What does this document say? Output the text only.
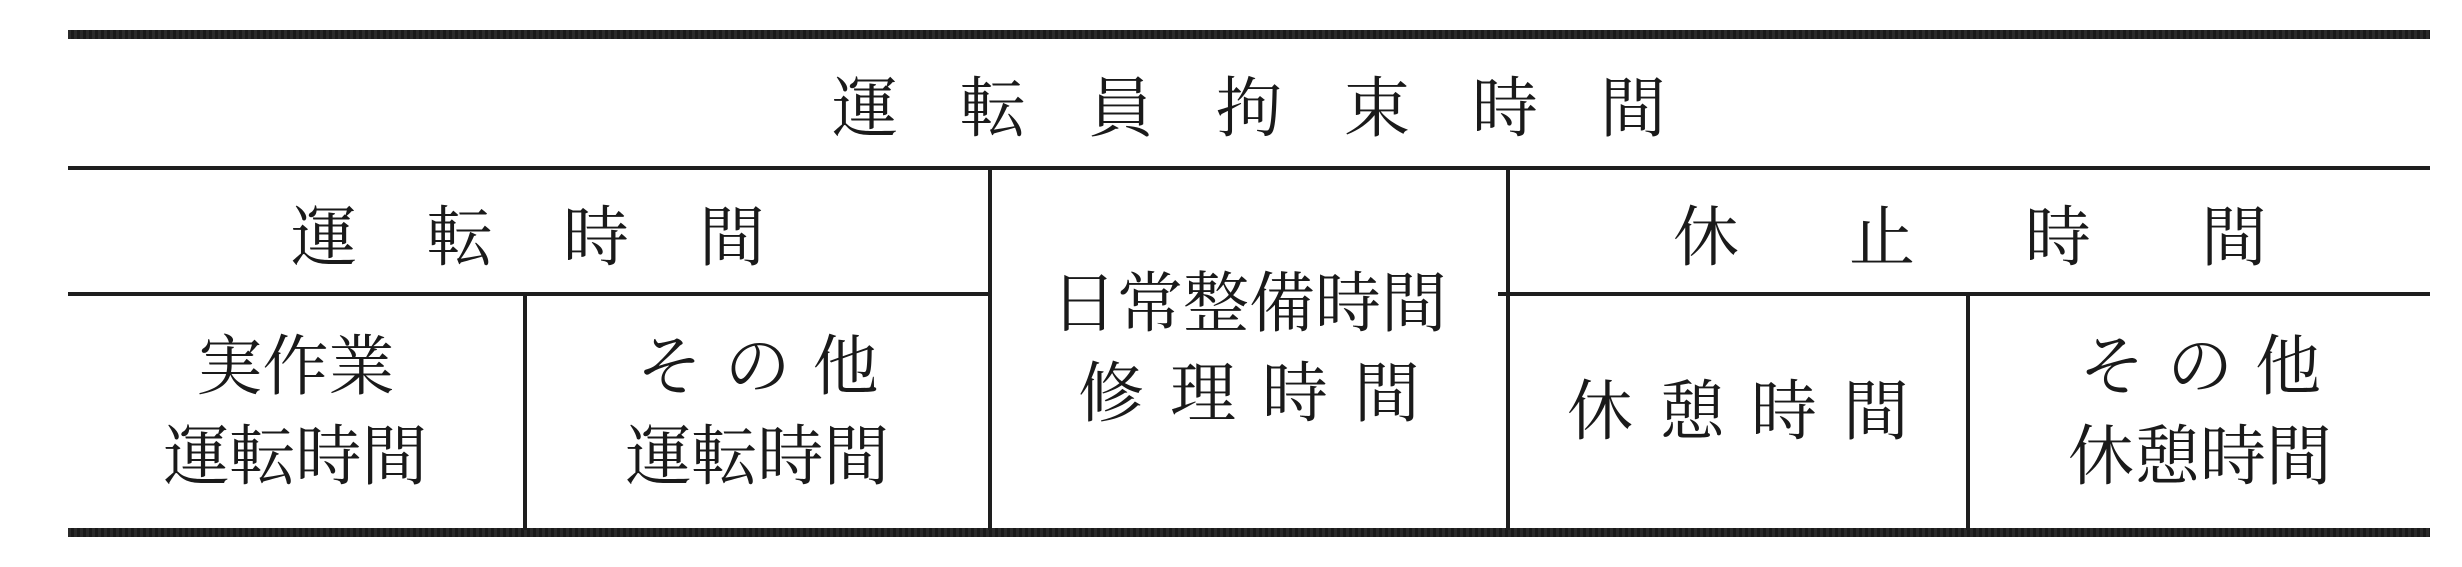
運転員拘束時間
運転時間
日常整備時間
修理時間
休止時間
実作業
運転時間
その他
運転時間
休憩時間
その他
休憩時間
